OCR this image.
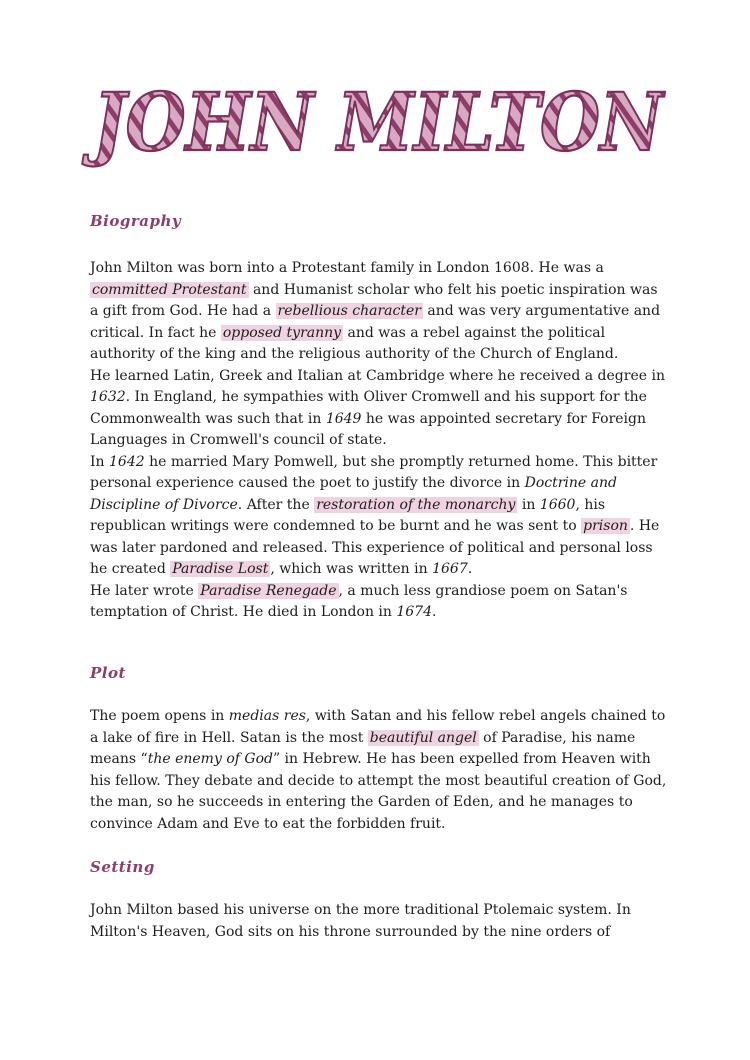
JOHN MILTON
Biography

John Milton was born into a Protestant family in London 1608. He was a committed Protestant and Humanist scholar who felt his poetic inspiration was a gift from God. He had a rebellious character and was very argumentative and critical. In fact he opposed tyranny and was a rebel against the political authority of the king and the religious authority of the Church of England.

He learned Latin, Greek and Italian at Cambridge where he received a degree in 1632. In England, he sympathies with Oliver Cromwell and his support for the Commonwealth was such that in 1649 he was appointed secretary for Foreign Languages in Cromwell's council of state.

In 1642 he married Mary Pomwell, but she promptly returned home. This bitter personal experience caused the poet to justify the divorce in Doctrine and Discipline of Divorce. After the restoration of the monarchy in 1660, his republican writings were condemned to be burnt and he was sent to prison . He was later pardoned and released. This experience of political and personal loss he created Paradise Lost , which was written in 1667.

He later wrote Paradise Renegade , a much less grandiose poem on Satan's temptation of Christ. He died in London in 1674.

Plot

The poem opens in medias res, with Satan and his fellow rebel angels chained to a lake of fire in Hell. Satan is the most beautiful angel of Paradise, his name means “the enemy of God” in Hebrew. He has been expelled from Heaven with his fellow. They debate and decide to attempt the most beautiful creation of God, the man, so he succeeds in entering the Garden of Eden, and he manages to convince Adam and Eve to eat the forbidden fruit.

Setting

John Milton based his universe on the more traditional Ptolemaic system. In Milton's Heaven, God sits on his throne surrounded by the nine orders of
